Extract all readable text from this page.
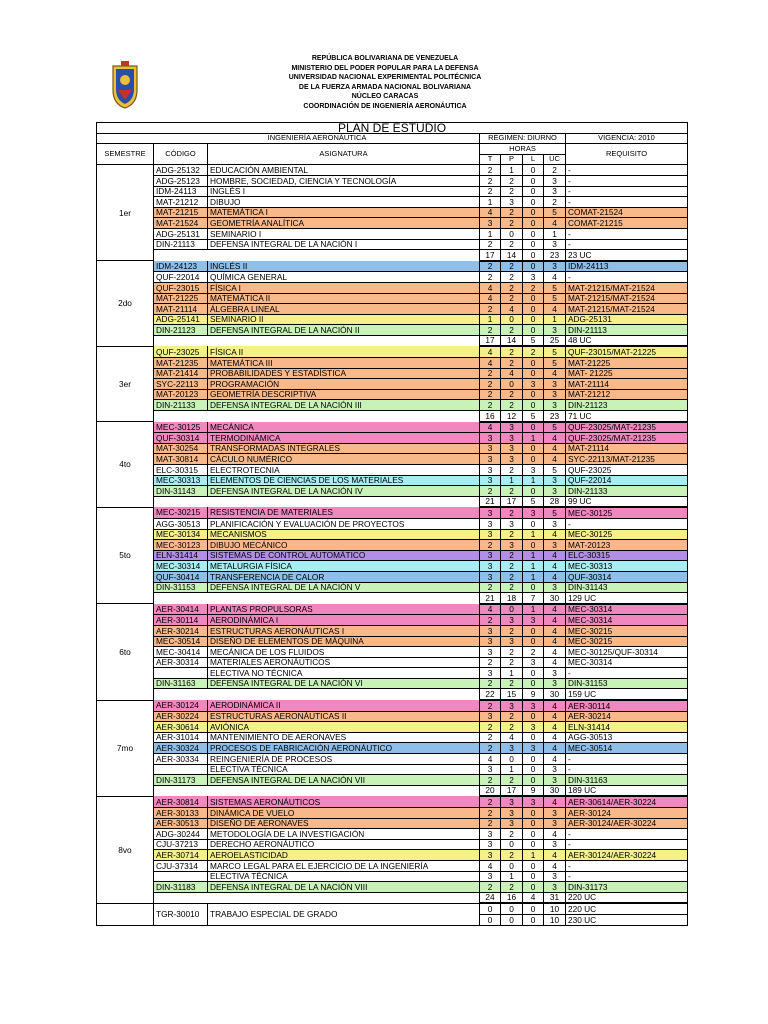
REPÚBLICA BOLIVARIANA DE VENEZUELA
MINISTERIO DEL PODER POPULAR PARA LA DEFENSA
UNIVERSIDAD NACIONAL EXPERIMENTAL POLITÉCNICA
DE LA FUERZA ARMADA NACIONAL BOLIVARIANA
NÚCLEO CARACAS
COORDINACIÓN DE INGENIERÍA AERONÁUTICA
PLAN DE ESTUDIO							
INGENIERÍA AERONÁUTICA			RÉGIMEN: DIURNO				VIGENCIA: 2010
SEMESTRE	CÓDIGO	ASIGNATURA	HORAS				REQUISITO
			T	P	L	UC	
1er	ADG-25132	EDUCACIÓN AMBIENTAL	2	1	0	2	-
	ADG-25123	HOMBRE, SOCIEDAD, CIENCIA Y TECNOLOGÍA	2	2	0	3	-
	IDM-24113	INGLÉS I	2	2	0	3	-
	MAT-21212	DIBUJO	1	3	0	2	-
	MAT-21215	MATEMÁTICA I	4	2	0	5	COMAT-21524
	MAT-21524	GEOMETRÍA ANALÍTICA	3	2	0	4	COMAT-21215
	ADG-25131	SEMINARIO I	1	0	0	1	-
	DIN-21113	DEFENSA INTEGRAL DE LA NACIÓN I	2	2	0	3	-
			17	14	0	23	23 UC
2do	IDM-24123	INGLÉS II	2	2	0	3	IDM-24113
	QUF-22014	QUÍMICA GENERAL	2	2	3	4	-
	QUF-23015	FÍSICA I	4	2	2	5	MAT-21215/MAT-21524
	MAT-21225	MATEMÁTICA II	4	2	0	5	MAT-21215/MAT-21524
	MAT-21114	ÁLGEBRA LINEAL	2	4	0	4	MAT-21215/MAT-21524
	ADG-25141	SEMINARIO II	1	0	0	1	ADG-25131
	DIN-21123	DEFENSA INTEGRAL DE LA NACIÓN II	2	2	0	3	DIN-21113
			17	14	5	25	48 UC
3er	QUF-23025	FÍSICA II	4	2	2	5	QUF-23015/MAT-21225
	MAT-21235	MATEMÁTICA III	4	2	0	5	MAT-21225
	MAT-21414	PROBABILIDADES Y ESTADÍSTICA	2	4	0	4	MAT- 21225
	SYC-22113	PROGRAMACIÓN	2	0	3	3	MAT-21114
	MAT-20123	GEOMETRÍA DESCRIPTIVA	2	2	0	3	MAT-21212
	DIN-21133	DEFENSA INTEGRAL DE LA NACIÓN III	2	2	0	3	DIN-21123
			16	12	5	23	71 UC
4to	MEC-30125	MECÁNICA	4	3	0	5	QUF-23025/MAT-21235
	QUF-30314	TERMODINÁMICA	3	3	1	4	QUF-23025/MAT-21235
	MAT-30254	TRANSFORMADAS INTEGRALES	3	3	0	4	MAT-21114
	MAT-30814	CÁCULO NUMÉRICO	3	3	0	4	SYC-22113/MAT-21235
	ELC-30315	ELECTROTECNIA	3	2	3	5	QUF-23025
	MEC-30313	ELEMENTOS DE CIENCIAS DE LOS MATERIALES	3	1	1	3	QUF-22014
	DIN-31143	DEFENSA INTEGRAL DE LA NACIÓN IV	2	2	0	3	DIN-21133
			21	17	5	28	99 UC
5to	MEC-30215	RESISTENCIA DE MATERIALES	3	2	3	5	MEC-30125
	AGG-30513	PLANIFICACIÓN Y EVALUACIÓN DE PROYECTOS	3	3	0	3	-
	MEC-30134	MECANISMOS	3	2	1	4	MEC-30125
	MEC-30123	DIBUJO MECÁNICO	2	3	0	3	MAT-20123
	ELN-31414	SISTEMAS DE CONTROL AUTOMÁTICO	3	2	1	4	ELC-30315
	MEC-30314	METALURGIA FÍSICA	3	2	1	4	MEC-30313
	QUF-30414	TRANSFERENCIA DE CALOR	3	2	1	4	QUF-30314
	DIN-31153	DEFENSA INTEGRAL DE LA NACIÓN V	2	2	0	3	DIN-31143
			21	18	7	30	129 UC
6to	AER-30414	PLANTAS PROPULSORAS	4	0	1	4	MEC-30314
	AER-30114	AERODINÁMICA I	2	3	3	4	MEC-30314
	AER-30214	ESTRUCTURAS AERONÁUTICAS I	3	2	0	4	MEC-30215
	MEC-30514	DISEÑO DE ELEMENTOS DE MÁQUINA	3	3	0	4	MEC-30215
	MEC-30414	MECÁNICA DE LOS FLUIDOS	3	2	2	4	MEC-30125/QUF-30314
	AER-30314	MATERIALES AERONÁUTICOS	2	2	3	4	MEC-30314
		ELECTIVA NO TÉCNICA	3	1	0	3	-
	DIN-31163	DEFENSA INTEGRAL DE LA NACIÓN VI	2	2	0	3	DIN-31153
			22	15	9	30	159 UC
7mo	AER-30124	AERODINÁMICA II	2	3	3	4	AER-30114
	AER-30224	ESTRUCTURAS AERONÁUTICAS II	3	2	0	4	AER-30214
	AER-30614	AVIÓNICA	2	2	3	4	ELN-31414
	AER-31014	MANTENIMIENTO DE AERONAVES	2	4	0	4	AGG-30513
	AER-30324	PROCESOS DE FABRICACIÓN AERONÁUTICO	2	3	3	4	MEC-30514
	AER-30334	REINGENIERÍA DE PROCESOS	4	0	0	4	-
		ELECTIVA TÉCNICA	3	1	0	3	-
	DIN-31173	DEFENSA INTEGRAL DE LA NACIÓN VII	2	2	0	3	DIN-31163
			20	17	9	30	189 UC
8vo	AER-30814	SISTEMAS AERONÁUTICOS	2	3	3	4	AER-30614/AER-30224
	AER-30133	DINÁMICA DE VUELO	2	3	0	3	AER-30124
	AER-30513	DISEÑO DE AERONAVES	2	3	0	3	AER-30124/AER-30224
	ADG-30244	METODOLOGÍA DE LA INVESTIGACIÓN	3	2	0	4	-
	CJU-37213	DERECHO AERONÁUTICO	3	0	0	3	-
	AER-30714	AEROELASTICIDAD	3	2	1	4	AER-30124/AER-30224
	CJU-37314	MARCO LEGAL PARA EL EJERCICIO DE LA INGENIERÍA	4	0	0	4	-
		ELECTIVA TÉCNICA	3	1	0	3	-
	DIN-31183	DEFENSA INTEGRAL DE LA NACIÓN VIII	2	2	0	3	DIN-31173
			24	16	4	31	220 UC
	TGR-30010	TRABAJO ESPECIAL DE GRADO	0	0	0	10	220 UC
			0	0	0	10	230 UC
